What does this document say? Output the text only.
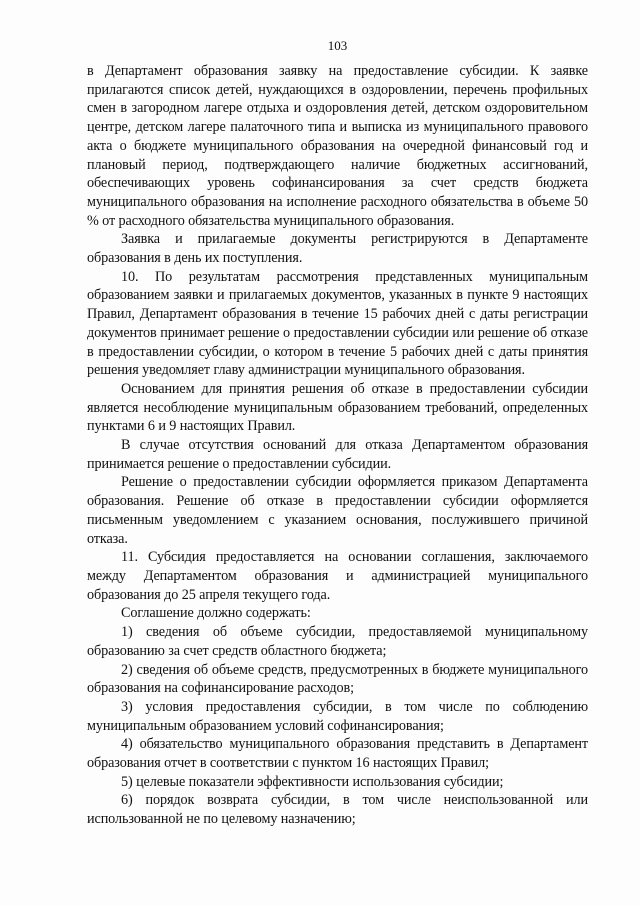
103

в Департамент образования заявку на предоставление субсидии. К заявке прилагаются список детей, нуждающихся в оздоровлении, перечень профильных смен в загородном лагере отдыха и оздоровления детей, детском оздоровительном центре, детском лагере палаточного типа и выписка из муниципального правового акта о бюджете муниципального образования на очередной финансовый год и плановый период, подтверждающего наличие бюджетных ассигнований, обеспечивающих уровень софинансирования за счет средств бюджета муниципального образования на исполнение расходного обязательства в объеме 50 % от расходного обязательства муниципального образования.

Заявка и прилагаемые документы регистрируются в Департаменте образования в день их поступления.

10. По результатам рассмотрения представленных муниципальным образованием заявки и прилагаемых документов, указанных в пункте 9 настоящих Правил, Департамент образования в течение 15 рабочих дней с даты регистрации документов принимает решение о предоставлении субсидии или решение об отказе в предоставлении субсидии, о котором в течение 5 рабочих дней с даты принятия решения уведомляет главу администрации муниципального образования.

Основанием для принятия решения об отказе в предоставлении субсидии является несоблюдение муниципальным образованием требований, определенных пунктами 6 и 9 настоящих Правил.

В случае отсутствия оснований для отказа Департаментом образования принимается решение о предоставлении субсидии.

Решение о предоставлении субсидии оформляется приказом Департамента образования. Решение об отказе в предоставлении субсидии оформляется письменным уведомлением с указанием основания, послужившего причиной отказа.

11. Субсидия предоставляется на основании соглашения, заключаемого между Департаментом образования и администрацией муниципального образования до 25 апреля текущего года.

Соглашение должно содержать:

1) сведения об объеме субсидии, предоставляемой муниципальному образованию за счет средств областного бюджета;

2) сведения об объеме средств, предусмотренных в бюджете муниципального образования на софинансирование расходов;

3) условия предоставления субсидии, в том числе по соблюдению муниципальным образованием условий софинансирования;

4) обязательство муниципального образования представить в Департамент образования отчет в соответствии с пунктом 16 настоящих Правил;

5) целевые показатели эффективности использования субсидии;

6) порядок возврата субсидии, в том числе неиспользованной или использованной не по целевому назначению;
